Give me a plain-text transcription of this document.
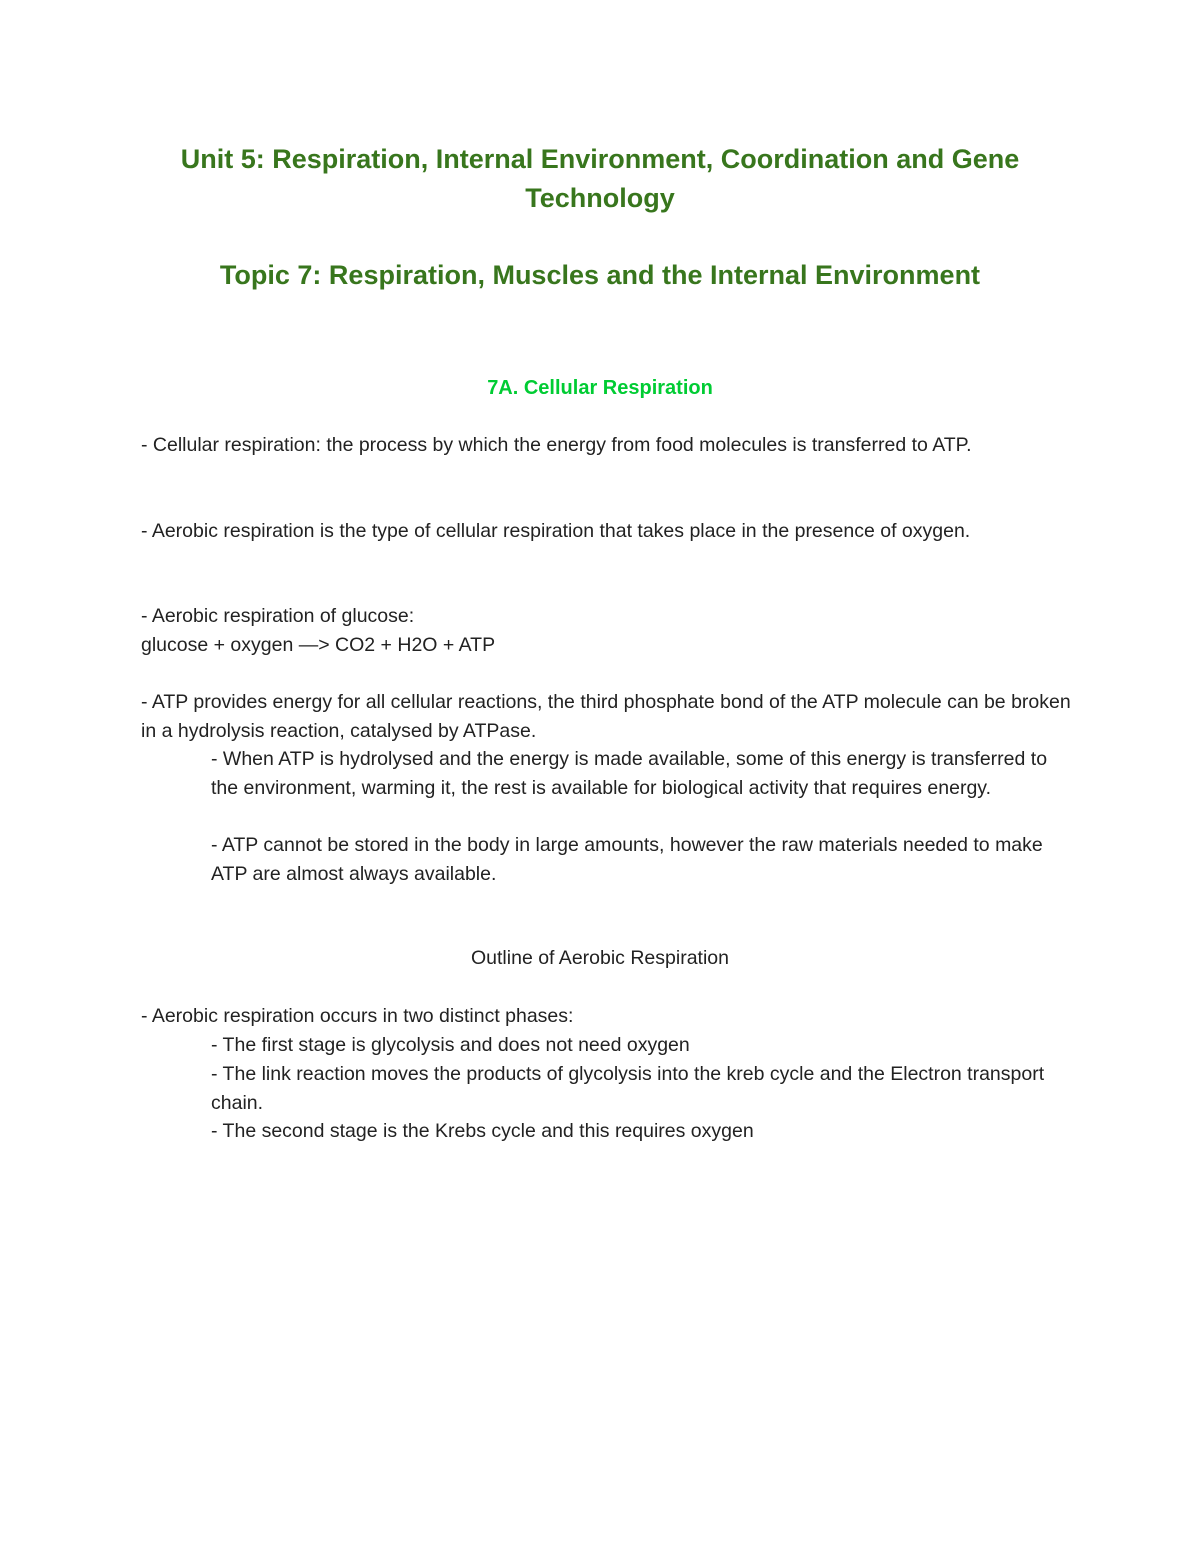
Unit 5: Respiration, Internal Environment, Coordination and Gene Technology
Topic 7: Respiration, Muscles and the Internal Environment
7A. Cellular Respiration

- Cellular respiration: the process by which the energy from food molecules is transferred to ATP.

- Aerobic respiration is the type of cellular respiration that takes place in the presence of oxygen.

- Aerobic respiration of glucose:

glucose + oxygen —> CO2 + H2O + ATP

- ATP provides energy for all cellular reactions, the third phosphate bond of the ATP molecule can be broken in a hydrolysis reaction, catalysed by ATPase.

- When ATP is hydrolysed and the energy is made available, some of this energy is transferred to the environment, warming it, the rest is available for biological activity that requires energy.

- ATP cannot be stored in the body in large amounts, however the raw materials needed to make ATP are almost always available.

Outline of Aerobic Respiration

- Aerobic respiration occurs in two distinct phases:

- The first stage is glycolysis and does not need oxygen

- The link reaction moves the products of glycolysis into the kreb cycle and the Electron transport chain.

- The second stage is the Krebs cycle and this requires oxygen
